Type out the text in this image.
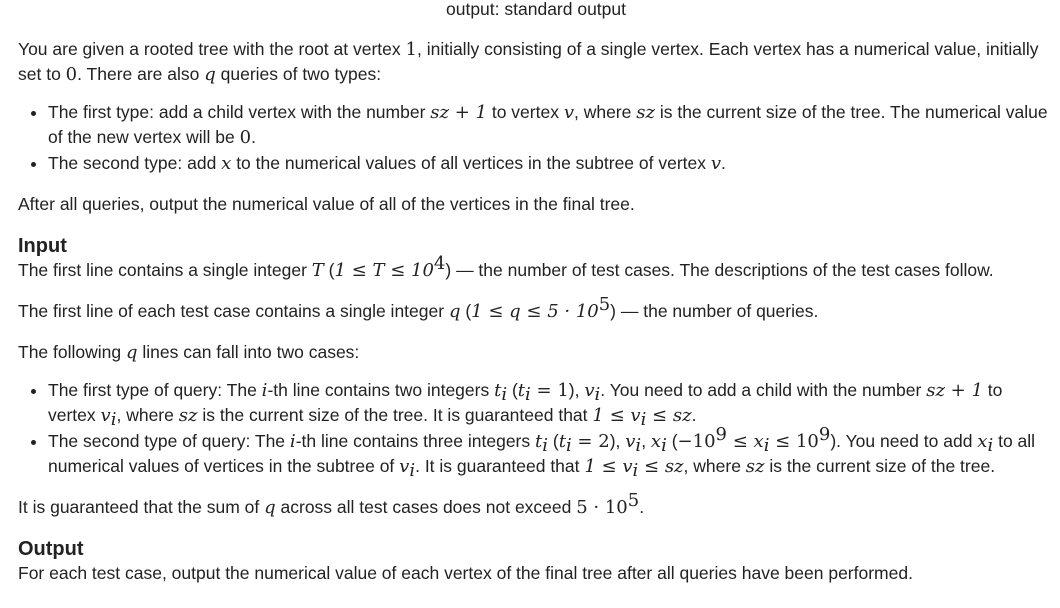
output: standard output

You are given a rooted tree with the root at vertex 1, initially consisting of a single vertex. Each vertex has a numerical value, initially set to 0. There are also q queries of two types:

• The first type: add a child vertex with the number sz + 1 to vertex v, where sz is the current size of the tree. The numerical value of the new vertex will be 0.
• The second type: add x to the numerical values of all vertices in the subtree of vertex v.

After all queries, output the numerical value of all of the vertices in the final tree.

Input

The first line contains a single integer T $(1 \le T \le 10^4)$ — the number of test cases. The descriptions of the test cases follow.

The first line of each test case contains a single integer q $(1 \le q \le 5 \cdot 10^5)$ — the number of queries.

The following q lines can fall into two cases:

• The first type of query: The i-th line contains two integers $t_i$ $(t_i = 1)$, $v_i$. You need to add a child with the number sz + 1 to vertex $v_i$, where sz is the current size of the tree. It is guaranteed that $1 \le v_i$ ≤ sz.
• The second type of query: The i-th line contains three integers $t_i$ $(t_i = 2)$, $v_i$, $x_i$ $(-10^9 \le x_i \le 10^9)$. You need to add $x_i$ to all numerical values of vertices in the subtree of $v_i$. It is guaranteed that $1 \le v_i$ ≤ sz, where sz is the current size of the tree.

It is guaranteed that the sum of q across all test cases does not exceed $5 \cdot 10^5$.

Output

For each test case, output the numerical value of each vertex of the final tree after all queries have been performed.
